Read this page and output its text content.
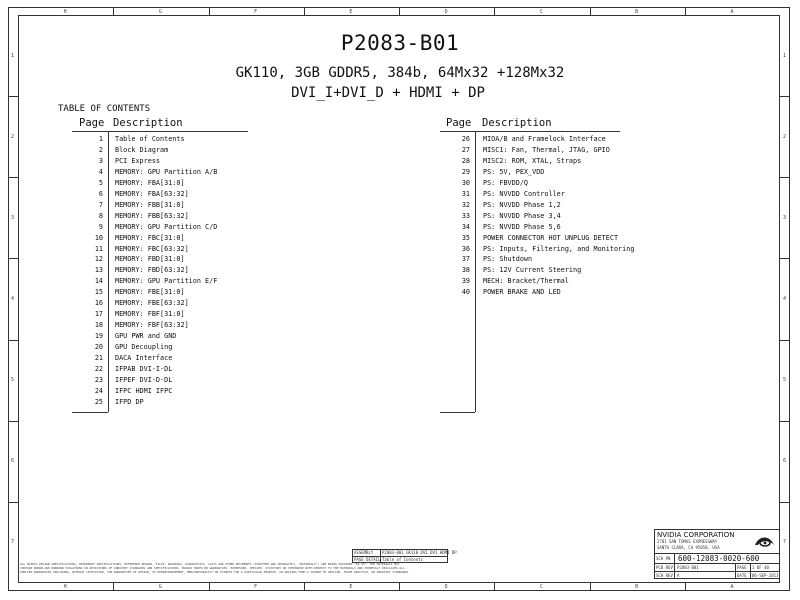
H
H
G
G
F
F
E
E
D
D
C
C
B
B
A
A
1	1
2	2
3	3
4	4
5	5
6	6
7	7
P2083-B01
GK110, 3GB GDDR5, 384b, 64Mx32 +128Mx32
DVI_I+DVI_D + HDMI + DP
TABLE OF CONTENTS
Page Description	Page Description
1 Table of Contents
2 Block Diagram
3 PCI Express
4 MEMORY: GPU Partition A/B
5 MEMORY: FBA[31:0]
6 MEMORY: FBA[63:32]
7 MEMORY: FBB[31:0]
8 MEMORY: FBB[63:32]
9 MEMORY: GPU Partition C/D
10 MEMORY: FBC[31:0]
11 MEMORY: FBC[63:32]
12 MEMORY: FBD[31:0]
13 MEMORY: FBD[63:32]
14 MEMORY: GPU Partition E/F
15 MEMORY: FBE[31:0]
16 MEMORY: FBE[63:32]
17 MEMORY: FBF[31:0]
18 MEMORY: FBF[63:32]
19 GPU PWR and GND
20 GPU Decoupling
21 DACA Interface
22 IFPAB DVI-I-DL
23 IFPEF DVI-D-DL
24 IFPC HDMI IFPC
25 IFPD DP
26 MIOA/B and Framelock Interface
27 MISC1: Fan, Thermal, JTAG, GPIO
28 MISC2: ROM, XTAL, Straps
29 PS: 5V, PEX_VDD
30 PS: FBVDD/Q
31 PS: NVVDD Controller
32 PS: NVVDD Phase 1,2
33 PS: NVVDD Phase 3,4
34 PS: NVVDD Phase 5,6
35 POWER CONNECTOR HOT UNPLUG DETECT
36 PS: Inputs, Filtering, and Monitoring
37 PS: Shutdown
38 PS: 12V Current Steering
39 MECH: Bracket/Thermal
40 POWER BRAKE AND LED
ASSEMBLY P2083-B01 GK110 DVI DVI HDMI DP
PAGE DETAIL Table of Contents
NVIDIA CORPORATION
2701 SAN TOMAS EXPRESSWAY
SANTA CLARA, CA 95050, USA
SCH PN 600-12083-0020-600
PCB REV P2083-B01	PAGE 1 OF 40
SCH REV A	DATE 06-SEP-2013
ALL NVIDIA DESIGN SPECIFICATIONS, REFERENCE SPECIFICATIONS, REFERENCE BOARDS, FILES, DRAWINGS, DIAGNOSTICS, LISTS AND OTHER DOCUMENTS (TOGETHER AND SEPARATELY, "MATERIALS") ARE BEING PROVIDED "AS IS". THE MATERIALS MAY
CONTAIN KNOWN AND UNKNOWN VIOLATIONS OR DEVIATIONS OF INDUSTRY STANDARDS AND SPECIFICATIONS. NVIDIA MAKES NO WARRANTIES, EXPRESSED, IMPLIED, STATUTORY OR OTHERWISE WITH RESPECT TO THE MATERIALS AND EXPRESSLY DISCLAIMS ALL
IMPLIED WARRANTIES INCLUDING, WITHOUT LIMITATION, THE WARRANTIES OF DESIGN, OF NONINFRINGEMENT, MERCHANTABILITY OR FITNESS FOR A PARTICULAR PURPOSE, OR ARISING FROM A COURSE OF DEALING, TRADE PRACTICE, OR INDUSTRY STANDARDS.
